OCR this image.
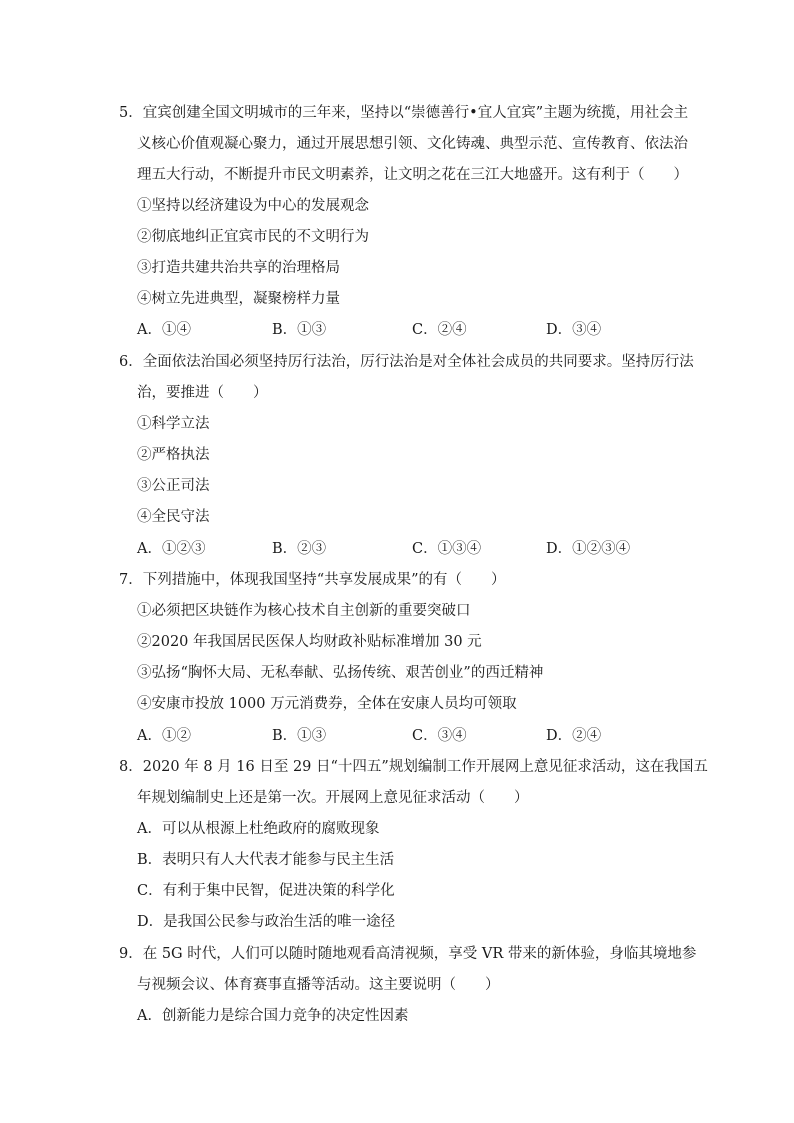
5．宜宾创建全国文明城市的三年来，坚持以“崇德善行•宜人宜宾”主题为统揽，用社会主
义核心价值观凝心聚力，通过开展思想引领、文化铸魂、典型示范、宣传教育、依法治
理五大行动，不断提升市民文明素养，让文明之花在三江大地盛开。这有利于（　　）
①坚持以经济建设为中心的发展观念
②彻底地纠正宜宾市民的不文明行为
③打造共建共治共享的治理格局
④树立先进典型，凝聚榜样力量
A．①④	B．①③	C．②④	D．③④
6．全面依法治国必须坚持厉行法治，厉行法治是对全体社会成员的共同要求。坚持厉行法
治，要推进（　　）
①科学立法
②严格执法
③公正司法
④全民守法
A．①②③	B．②③	C．①③④	D．①②③④
7．下列措施中，体现我国坚持“共享发展成果”的有（　　）
①必须把区块链作为核心技术自主创新的重要突破口
②2020 年我国居民医保人均财政补贴标准增加 30 元
③弘扬“胸怀大局、无私奉献、弘扬传统、艰苦创业”的西迁精神
④安康市投放 1000 万元消费券，全体在安康人员均可领取
A．①②	B．①③	C．③④	D．②④
8．2020 年 8 月 16 日至 29 日“十四五”规划编制工作开展网上意见征求活动，这在我国五
年规划编制史上还是第一次。开展网上意见征求活动（　　）
A．可以从根源上杜绝政府的腐败现象
B．表明只有人大代表才能参与民主生活
C．有利于集中民智，促进决策的科学化
D．是我国公民参与政治生活的唯一途径
9．在 5G 时代，人们可以随时随地观看高清视频，享受 VR 带来的新体验，身临其境地参
与视频会议、体育赛事直播等活动。这主要说明（　　）
A．创新能力是综合国力竞争的决定性因素
